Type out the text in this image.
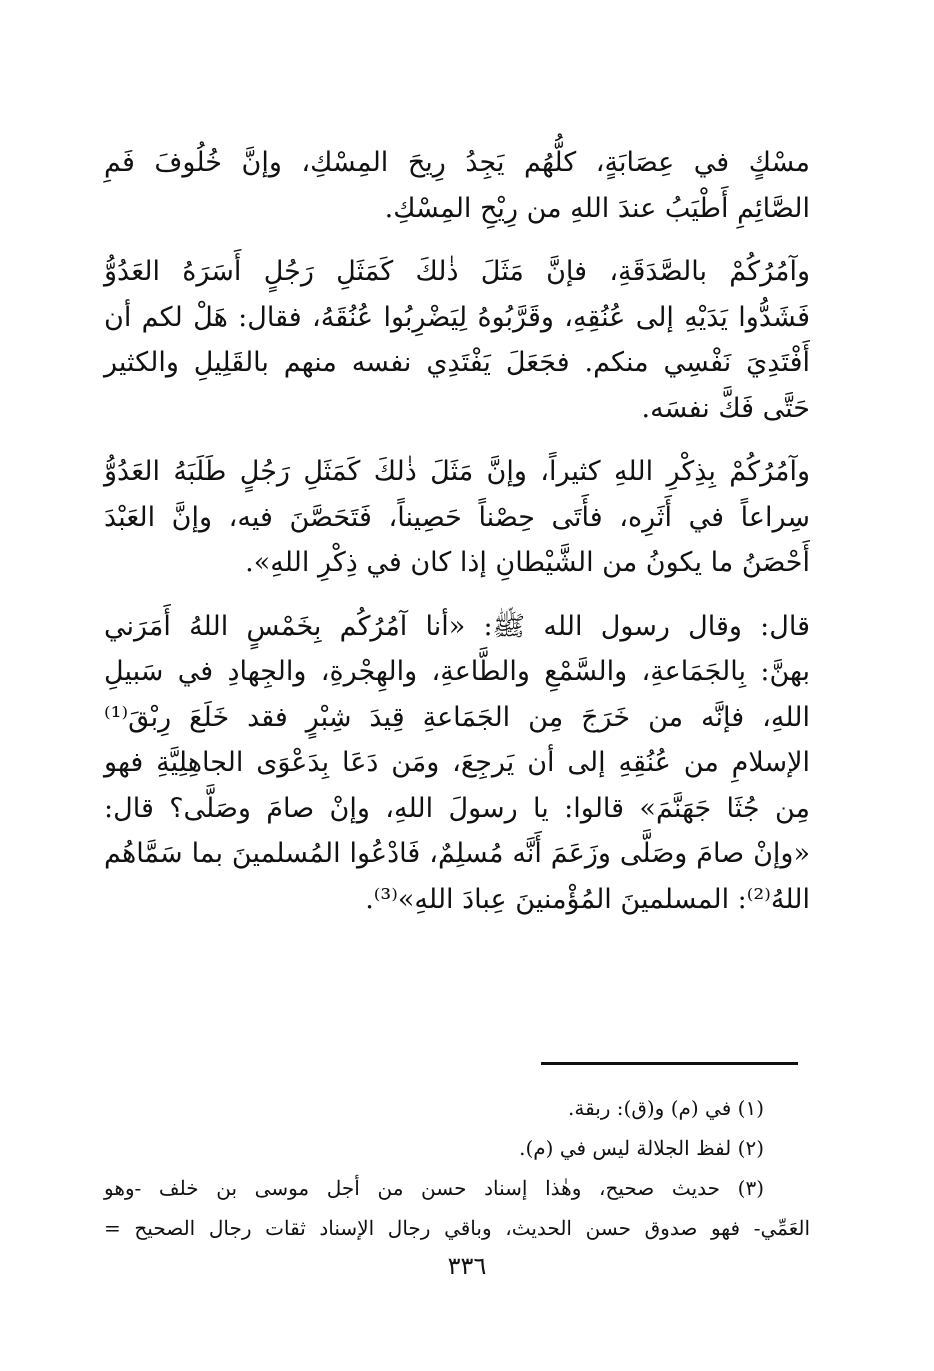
مسْكٍ في عِصَابَةٍ، كلُّهُم يَجِدُ رِيحَ المِسْكِ، وإنَّ خُلُوفَ فَمِ
الصَّائِمِ أَطْيَبُ عندَ اللهِ من رِيْحِ المِسْكِ.
وآمُرُكُمْ بالصَّدَقَةِ، فإنَّ مَثَلَ ذٰلكَ كَمَثَلِ رَجُلٍ أَسَرَهُ العَدُوُّ
فَشَدُّوا يَدَيْهِ إلى عُنُقِهِ، وقَرَّبُوهُ لِيَضْرِبُوا عُنُقَهُ، فقال: هَلْ لكم أن
أَفْتَدِيَ نَفْسِي منكم. فجَعَلَ يَفْتَدِي نفسه منهم بالقَلِيلِ والكثير
حَتَّى فَكَّ نفسَه.
وآمُرُكُمْ بِذِكْرِ اللهِ كثيراً، وإنَّ مَثَلَ ذٰلكَ كَمَثَلِ رَجُلٍ طَلَبَهُ العَدُوُّ
سِراعاً في أَثَرِه، فأَتَى حِصْناً حَصِيناً، فَتَحَصَّنَ فيه، وإنَّ العَبْدَ
أَحْصَنُ ما يكونُ من الشَّيْطانِ إذا كان في ذِكْرِ اللهِ».
قال: وقال رسول الله ﷺ: «أنا آمُرُكُم بِخَمْسٍ اللهُ أَمَرَني
بهنَّ: بِالجَمَاعةِ، والسَّمْعِ والطَّاعةِ، والهِجْرةِ، والجِهادِ في سَبيلِ
اللهِ، فإنَّه من خَرَجَ مِن الجَمَاعةِ قِيدَ شِبْرٍ فقد خَلَعَ رِبْقَ⁽¹⁾
الإسلامِ من عُنُقِهِ إلى أن يَرجِعَ، ومَن دَعَا بِدَعْوَى الجاهِلِيَّةِ فهو
مِن جُثَا جَهَنَّمَ» قالوا: يا رسولَ اللهِ، وإنْ صامَ وصَلَّى؟ قال:
«وإنْ صامَ وصَلَّى وزَعَمَ أَنَّه مُسلِمٌ، فَادْعُوا المُسلمينَ بما سَمَّاهُم
اللهُ⁽²⁾: المسلمينَ المُؤْمنينَ عِبادَ اللهِ»⁽³⁾.
(١) في (م) و(ق): ربقة.
(٢) لفظ الجلالة ليس في (م).
(٣) حديث صحيح، وهٰذا إسناد حسن من أجل موسى بن خلف -وهو
العَمِّي- فهو صدوق حسن الحديث، وباقي رجال الإسناد ثقات رجال الصحيح =
٣٣٦
